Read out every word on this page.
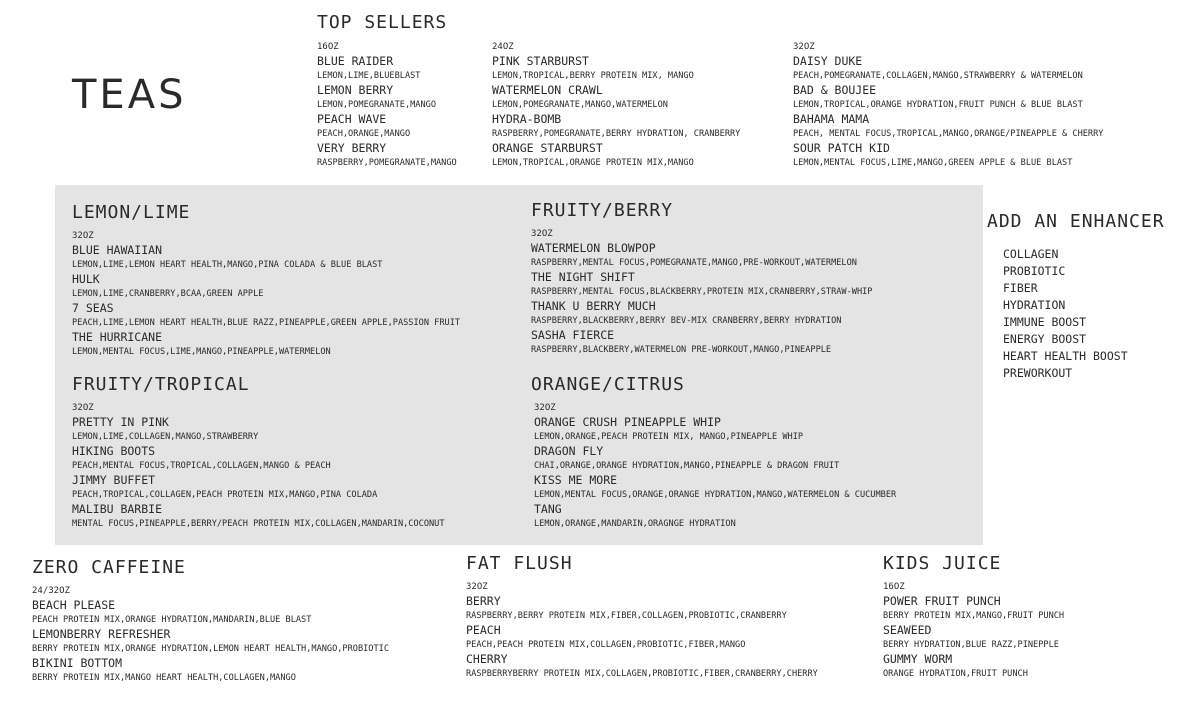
TEAS
TOP SELLERS
16OZ
BLUE RAIDER
LEMON,LIME,BLUEBLAST
LEMON BERRY
LEMON,POMEGRANATE,MANGO
PEACH WAVE
PEACH,ORANGE,MANGO
VERY BERRY
RASPBERRY,POMEGRANATE,MANGO
24OZ
PINK STARBURST
LEMON,TROPICAL,BERRY PROTEIN MIX, MANGO
WATERMELON CRAWL
LEMON,POMEGRANATE,MANGO,WATERMELON
HYDRA-BOMB
RASPBERRY,POMEGRANATE,BERRY HYDRATION, CRANBERRY
ORANGE STARBURST
LEMON,TROPICAL,ORANGE PROTEIN MIX,MANGO
32OZ
DAISY DUKE
PEACH,POMEGRANATE,COLLAGEN,MANGO,STRAWBERRY & WATERMELON
BAD & BOUJEE
LEMON,TROPICAL,ORANGE HYDRATION,FRUIT PUNCH & BLUE BLAST
BAHAMA MAMA
PEACH, MENTAL FOCUS,TROPICAL,MANGO,ORANGE/PINEAPPLE & CHERRY
SOUR PATCH KID
LEMON,MENTAL FOCUS,LIME,MANGO,GREEN APPLE & BLUE BLAST
LEMON/LIME
32OZ
BLUE HAWAIIAN
LEMON,LIME,LEMON HEART HEALTH,MANGO,PINA COLADA & BLUE BLAST
HULK
LEMON,LIME,CRANBERRY,BCAA,GREEN APPLE
7 SEAS
PEACH,LIME,LEMON HEART HEALTH,BLUE RAZZ,PINEAPPLE,GREEN APPLE,PASSION FRUIT
THE HURRICANE
LEMON,MENTAL FOCUS,LIME,MANGO,PINEAPPLE,WATERMELON
FRUITY/BERRY
32OZ
WATERMELON BLOWPOP
RASPBERRY,MENTAL FOCUS,POMEGRANATE,MANGO,PRE-WORKOUT,WATERMELON
THE NIGHT SHIFT
RASPBERRY,MENTAL FOCUS,BLACKBERRY,PROTEIN MIX,CRANBERRY,STRAW-WHIP
THANK U BERRY MUCH
RASPBERRY,BLACKBERRY,BERRY BEV-MIX CRANBERRY,BERRY HYDRATION
SASHA FIERCE
RASPBERRY,BLACKBERY,WATERMELON PRE-WORKOUT,MANGO,PINEAPPLE
FRUITY/TROPICAL
32OZ
PRETTY IN PINK
LEMON,LIME,COLLAGEN,MANGO,STRAWBERRY
HIKING BOOTS
PEACH,MENTAL FOCUS,TROPICAL,COLLAGEN,MANGO & PEACH
JIMMY BUFFET
PEACH,TROPICAL,COLLAGEN,PEACH PROTEIN MIX,MANGO,PINA COLADA
MALIBU BARBIE
MENTAL FOCUS,PINEAPPLE,BERRY/PEACH PROTEIN MIX,COLLAGEN,MANDARIN,COCONUT
ORANGE/CITRUS
32OZ
ORANGE CRUSH PINEAPPLE WHIP
LEMON,ORANGE,PEACH PROTEIN MIX, MANGO,PINEAPPLE WHIP
DRAGON FLY
CHAI,ORANGE,ORANGE HYDRATION,MANGO,PINEAPPLE & DRAGON FRUIT
KISS ME MORE
LEMON,MENTAL FOCUS,ORANGE,ORANGE HYDRATION,MANGO,WATERMELON & CUCUMBER
TANG
LEMON,ORANGE,MANDARIN,ORAGNGE HYDRATION
ADD AN ENHANCER
COLLAGEN
PROBIOTIC
FIBER
HYDRATION
IMMUNE BOOST
ENERGY BOOST
HEART HEALTH BOOST
PREWORKOUT
ZERO CAFFEINE
24/32OZ
BEACH PLEASE
PEACH PROTEIN MIX,ORANGE HYDRATION,MANDARIN,BLUE BLAST
LEMONBERRY REFRESHER
BERRY PROTEIN MIX,ORANGE HYDRATION,LEMON HEART HEALTH,MANGO,PROBIOTIC
BIKINI BOTTOM
BERRY PROTEIN MIX,MANGO HEART HEALTH,COLLAGEN,MANGO
FAT FLUSH
32OZ
BERRY
RASPBERRY,BERRY PROTEIN MIX,FIBER,COLLAGEN,PROBIOTIC,CRANBERRY
PEACH
PEACH,PEACH PROTEIN MIX,COLLAGEN,PROBIOTIC,FIBER,MANGO
CHERRY
RASPBERRYBERRY PROTEIN MIX,COLLAGEN,PROBIOTIC,FIBER,CRANBERRY,CHERRY
KIDS JUICE
16OZ
POWER FRUIT PUNCH
BERRY PROTEIN MIX,MANGO,FRUIT PUNCH
SEAWEED
BERRY HYDRATION,BLUE RAZZ,PINEPPLE
GUMMY WORM
ORANGE HYDRATION,FRUIT PUNCH
